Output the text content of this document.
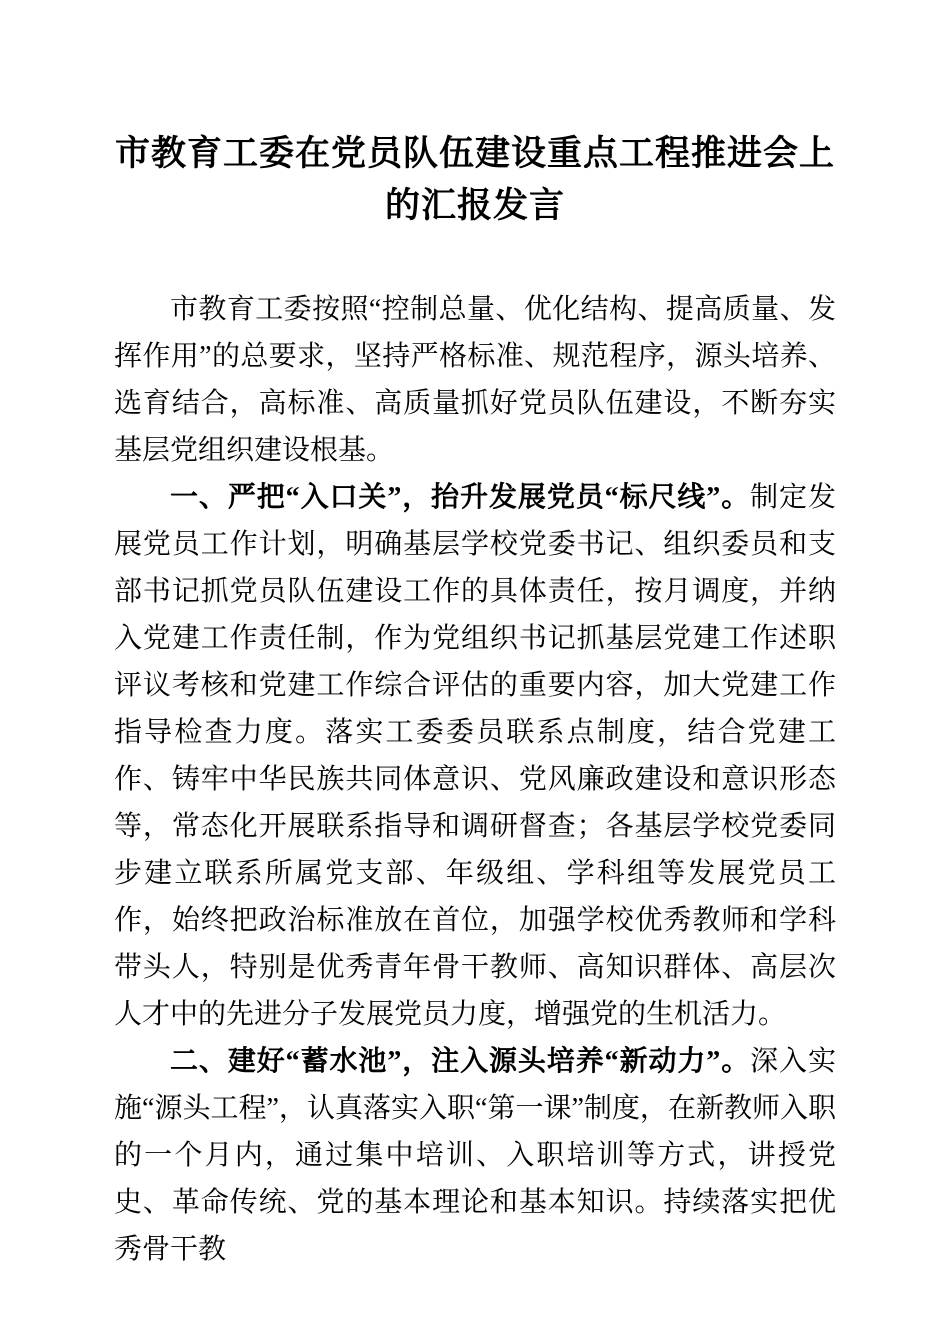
市教育工委在党员队伍建设重点工程推进会上
的汇报发言

市教育工委按照“控制总量、优化结构、提高质量、发挥作用”的总要求，坚持严格标准、规范程序，源头培养、选育结合，高标准、高质量抓好党员队伍建设，不断夯实基层党组织建设根基。

一、严把“入口关”，抬升发展党员“标尺线”。制定发展党员工作计划，明确基层学校党委书记、组织委员和支部书记抓党员队伍建设工作的具体责任，按月调度，并纳入党建工作责任制，作为党组织书记抓基层党建工作述职评议考核和党建工作综合评估的重要内容，加大党建工作指导检查力度。落实工委委员联系点制度，结合党建工作、铸牢中华民族共同体意识、党风廉政建设和意识形态等，常态化开展联系指导和调研督查；各基层学校党委同步建立联系所属党支部、年级组、学科组等发展党员工作，始终把政治标准放在首位，加强学校优秀教师和学科带头人，特别是优秀青年骨干教师、高知识群体、高层次人才中的先进分子发展党员力度，增强党的生机活力。

二、建好“蓄水池”，注入源头培养“新动力”。深入实施“源头工程”，认真落实入职“第一课”制度，在新教师入职的一个月内，通过集中培训、入职培训等方式，讲授党史、革命传统、党的基本理论和基本知识。持续落实把优秀骨干教
